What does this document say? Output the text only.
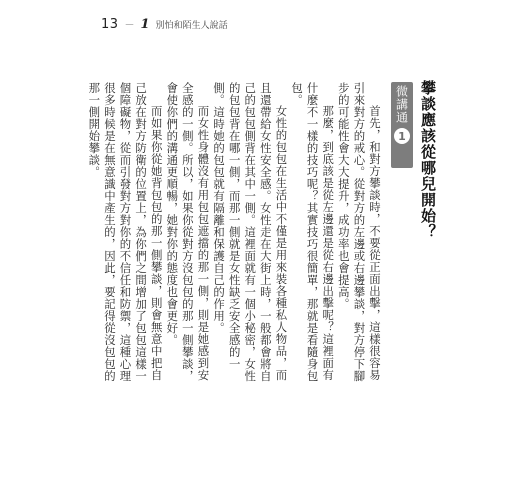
13 － 1 別怕和陌生人說話
微講通
1 攀談應該從哪兒開始？

首先，和對方攀談時，不要從正面出擊，這樣很容易引來對方的戒心。從對方的左邊或右邊攀談，對方停下腳步的可能性會大大提升，成功率也會提高。

那麼，到底該是從左邊還是從右邊出擊呢？這裡面有什麼不一樣的技巧呢？其實技巧很簡單，那就是看隨身包包。

女性的包包在生活中不僅是用來裝各種私人物品，而且還帶給女性安全感。女性走在大街上時，一般都會將自己的包包側背在其中一側。這裡面就有一個小秘密，女性的包包背在哪一側，而那一側就是女性缺乏安全感的一側。這時她的包包就有隔離和保護自己的作用。

而女性身體沒有用包包遮擋的那一側，則是她感到安全感的一側。所以，如果你從對方沒包包的那一側攀談，會使你們的溝通更順暢，她對你的態度也會更好。

而如果你從她背包包的那一側攀談，則會無意中把自己放在對方防衛的位置上，為你們之間增加了包包這樣一個障礙物，從而引發對方對你的不信任和防禦，這種心理很多時候是在無意識中產生的，因此，要記得從沒包包的那一側開始攀談。
